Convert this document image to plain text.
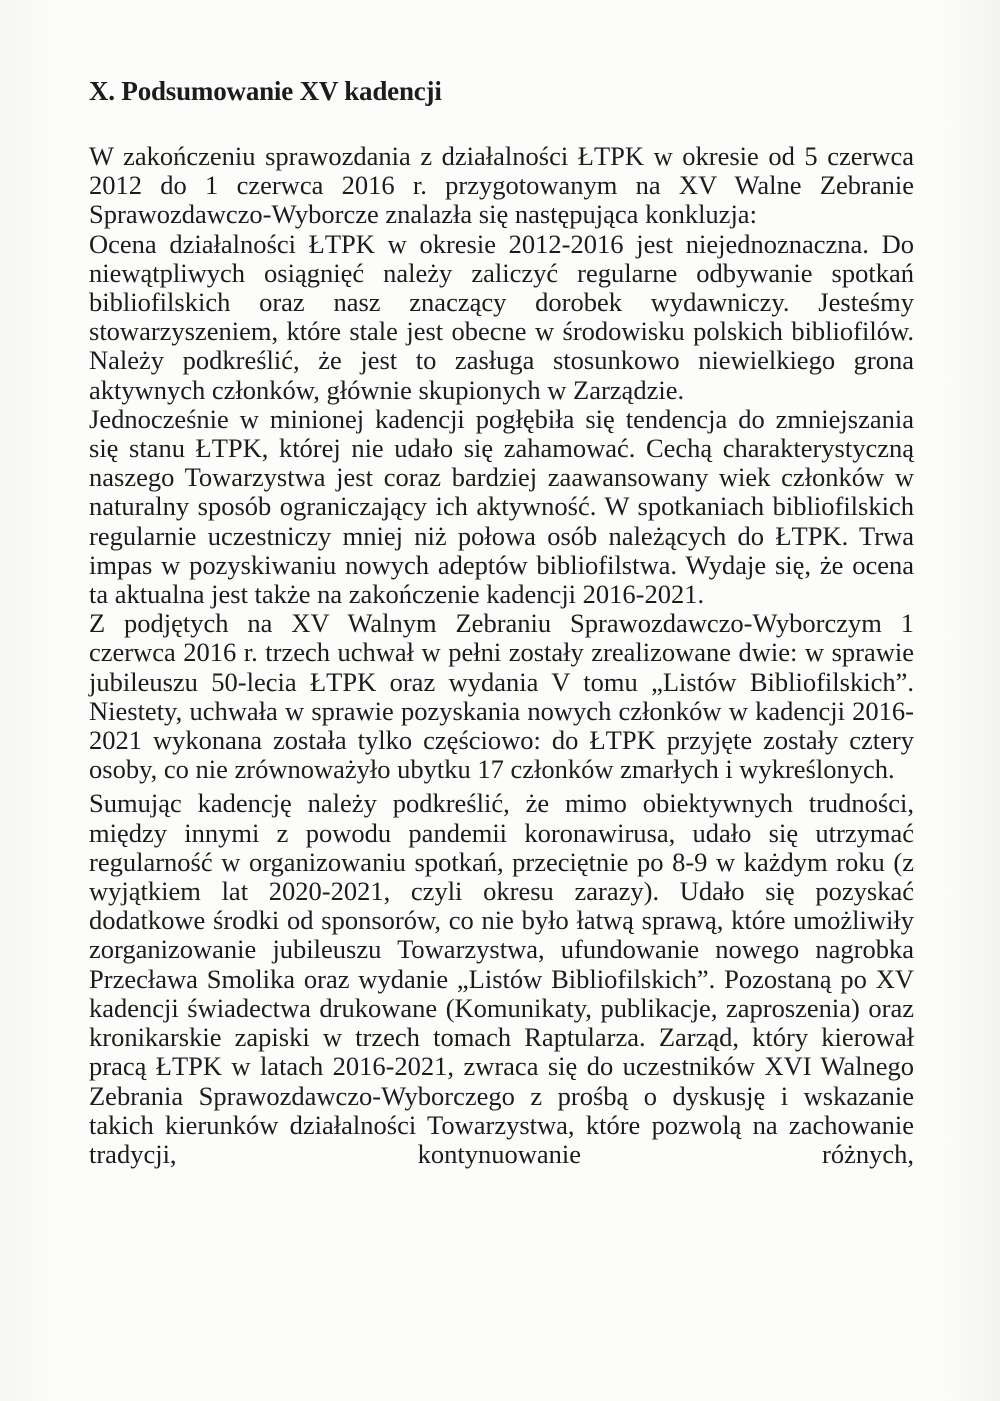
X. Podsumowanie XV kadencji

W zakończeniu sprawozdania z działalności ŁTPK w okresie od 5 czerwca 2012 do 1 czerwca 2016 r. przygotowanym na XV Walne Zebranie Sprawozdawczo-Wyborcze znalazła się następująca konkluzja:

Ocena działalności ŁTPK w okresie 2012-2016 jest niejednoznaczna. Do niewątpliwych osiągnięć należy zaliczyć regularne odbywanie spotkań bibliofilskich oraz nasz znaczący dorobek wydawniczy. Jesteśmy stowarzyszeniem, które stale jest obecne w środowisku polskich bibliofilów. Należy podkreślić, że jest to zasługa stosunkowo niewielkiego grona aktywnych członków, głównie skupionych w Zarządzie.

Jednocześnie w minionej kadencji pogłębiła się tendencja do zmniejszania się stanu ŁTPK, której nie udało się zahamować. Cechą charakterystyczną naszego Towarzystwa jest coraz bardziej zaawansowany wiek członków w naturalny sposób ograniczający ich aktywność. W spotkaniach bibliofilskich regularnie uczestniczy mniej niż połowa osób należących do ŁTPK. Trwa impas w pozyskiwaniu nowych adeptów bibliofilstwa. Wydaje się, że ocena ta aktualna jest także na zakończenie kadencji 2016-2021.

Z podjętych na XV Walnym Zebraniu Sprawozdawczo-Wyborczym 1 czerwca 2016 r. trzech uchwał w pełni zostały zrealizowane dwie: w sprawie jubileuszu 50-lecia ŁTPK oraz wydania V tomu „Listów Bibliofilskich”. Niestety, uchwała w sprawie pozyskania nowych członków w kadencji 2016-2021 wykonana została tylko częściowo: do ŁTPK przyjęte zostały cztery osoby, co nie zrównoważyło ubytku 17 członków zmarłych i wykreślonych.

Sumując kadencję należy podkreślić, że mimo obiektywnych trudności, między innymi z powodu pandemii koronawirusa, udało się utrzymać regularność w organizowaniu spotkań, przeciętnie po 8-9 w każdym roku (z wyjątkiem lat 2020-2021, czyli okresu zarazy). Udało się pozyskać dodatkowe środki od sponsorów, co nie było łatwą sprawą, które umożliwiły zorganizowanie jubileuszu Towarzystwa, ufundowanie nowego nagrobka Przecława Smolika oraz wydanie „Listów Bibliofilskich”. Pozostaną po XV kadencji świadectwa drukowane (Komunikaty, publikacje, zaproszenia) oraz kronikarskie zapiski w trzech tomach Raptularza. Zarząd, który kierował pracą ŁTPK w latach 2016-2021, zwraca się do uczestników XVI Walnego Zebrania Sprawozdawczo-Wyborczego z prośbą o dyskusję i wskazanie takich kierunków działalności Towarzystwa, które pozwolą na zachowanie tradycji, kontynuowanie różnych,
